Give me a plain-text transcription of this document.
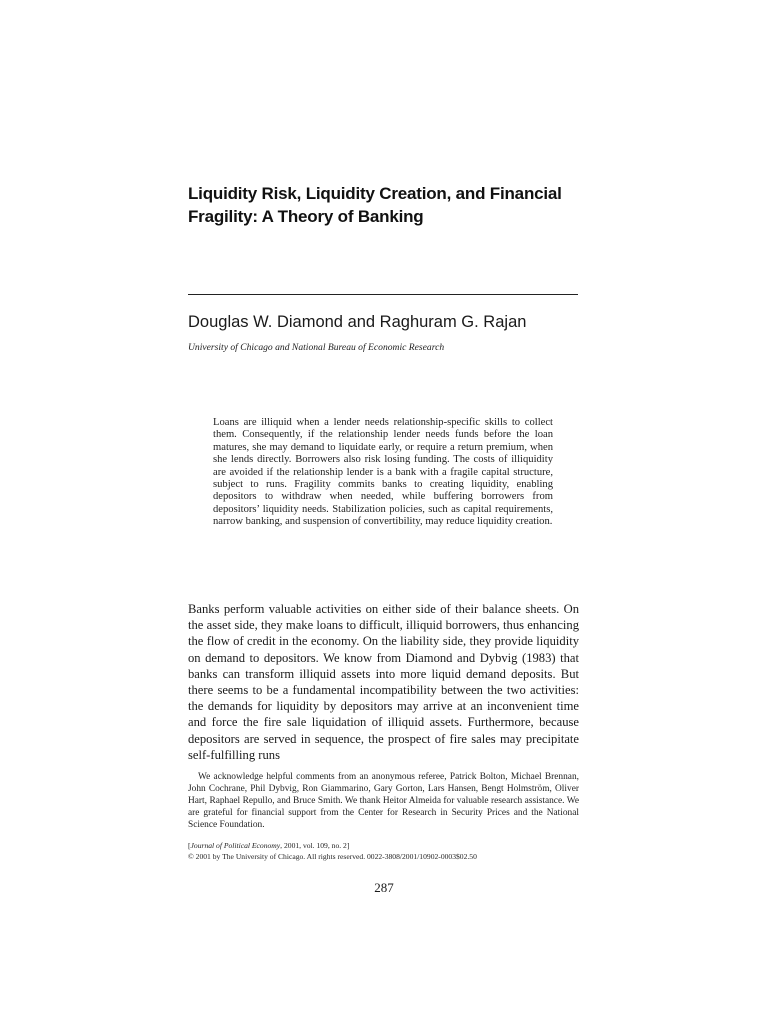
Liquidity Risk, Liquidity Creation, and Financial Fragility: A Theory of Banking
Douglas W. Diamond and Raghuram G. Rajan
University of Chicago and National Bureau of Economic Research

Loans are illiquid when a lender needs relationship-specific skills to collect them. Consequently, if the relationship lender needs funds before the loan matures, she may demand to liquidate early, or require a return premium, when she lends directly. Borrowers also risk losing funding. The costs of illiquidity are avoided if the relationship lender is a bank with a fragile capital structure, subject to runs. Fragility commits banks to creating liquidity, enabling depositors to withdraw when needed, while buffering borrowers from depositors’ liquidity needs. Stabilization policies, such as capital requirements, narrow banking, and suspension of convertibility, may reduce liquidity creation.

Banks perform valuable activities on either side of their balance sheets. On the asset side, they make loans to difficult, illiquid borrowers, thus enhancing the flow of credit in the economy. On the liability side, they provide liquidity on demand to depositors. We know from Diamond and Dybvig (1983) that banks can transform illiquid assets into more liquid demand deposits. But there seems to be a fundamental incompatibility between the two activities: the demands for liquidity by depositors may arrive at an inconvenient time and force the fire sale liquidation of illiquid assets. Furthermore, because depositors are served in sequence, the prospect of fire sales may precipitate self-fulfilling runs

We acknowledge helpful comments from an anonymous referee, Patrick Bolton, Michael Brennan, John Cochrane, Phil Dybvig, Ron Giammarino, Gary Gorton, Lars Hansen, Bengt Holmström, Oliver Hart, Raphael Repullo, and Bruce Smith. We thank Heitor Almeida for valuable research assistance. We are grateful for financial support from the Center for Research in Security Prices and the National Science Foundation.

[Journal of Political Economy, 2001, vol. 109, no. 2]
© 2001 by The University of Chicago. All rights reserved. 0022-3808/2001/10902-0003$02.50
287
